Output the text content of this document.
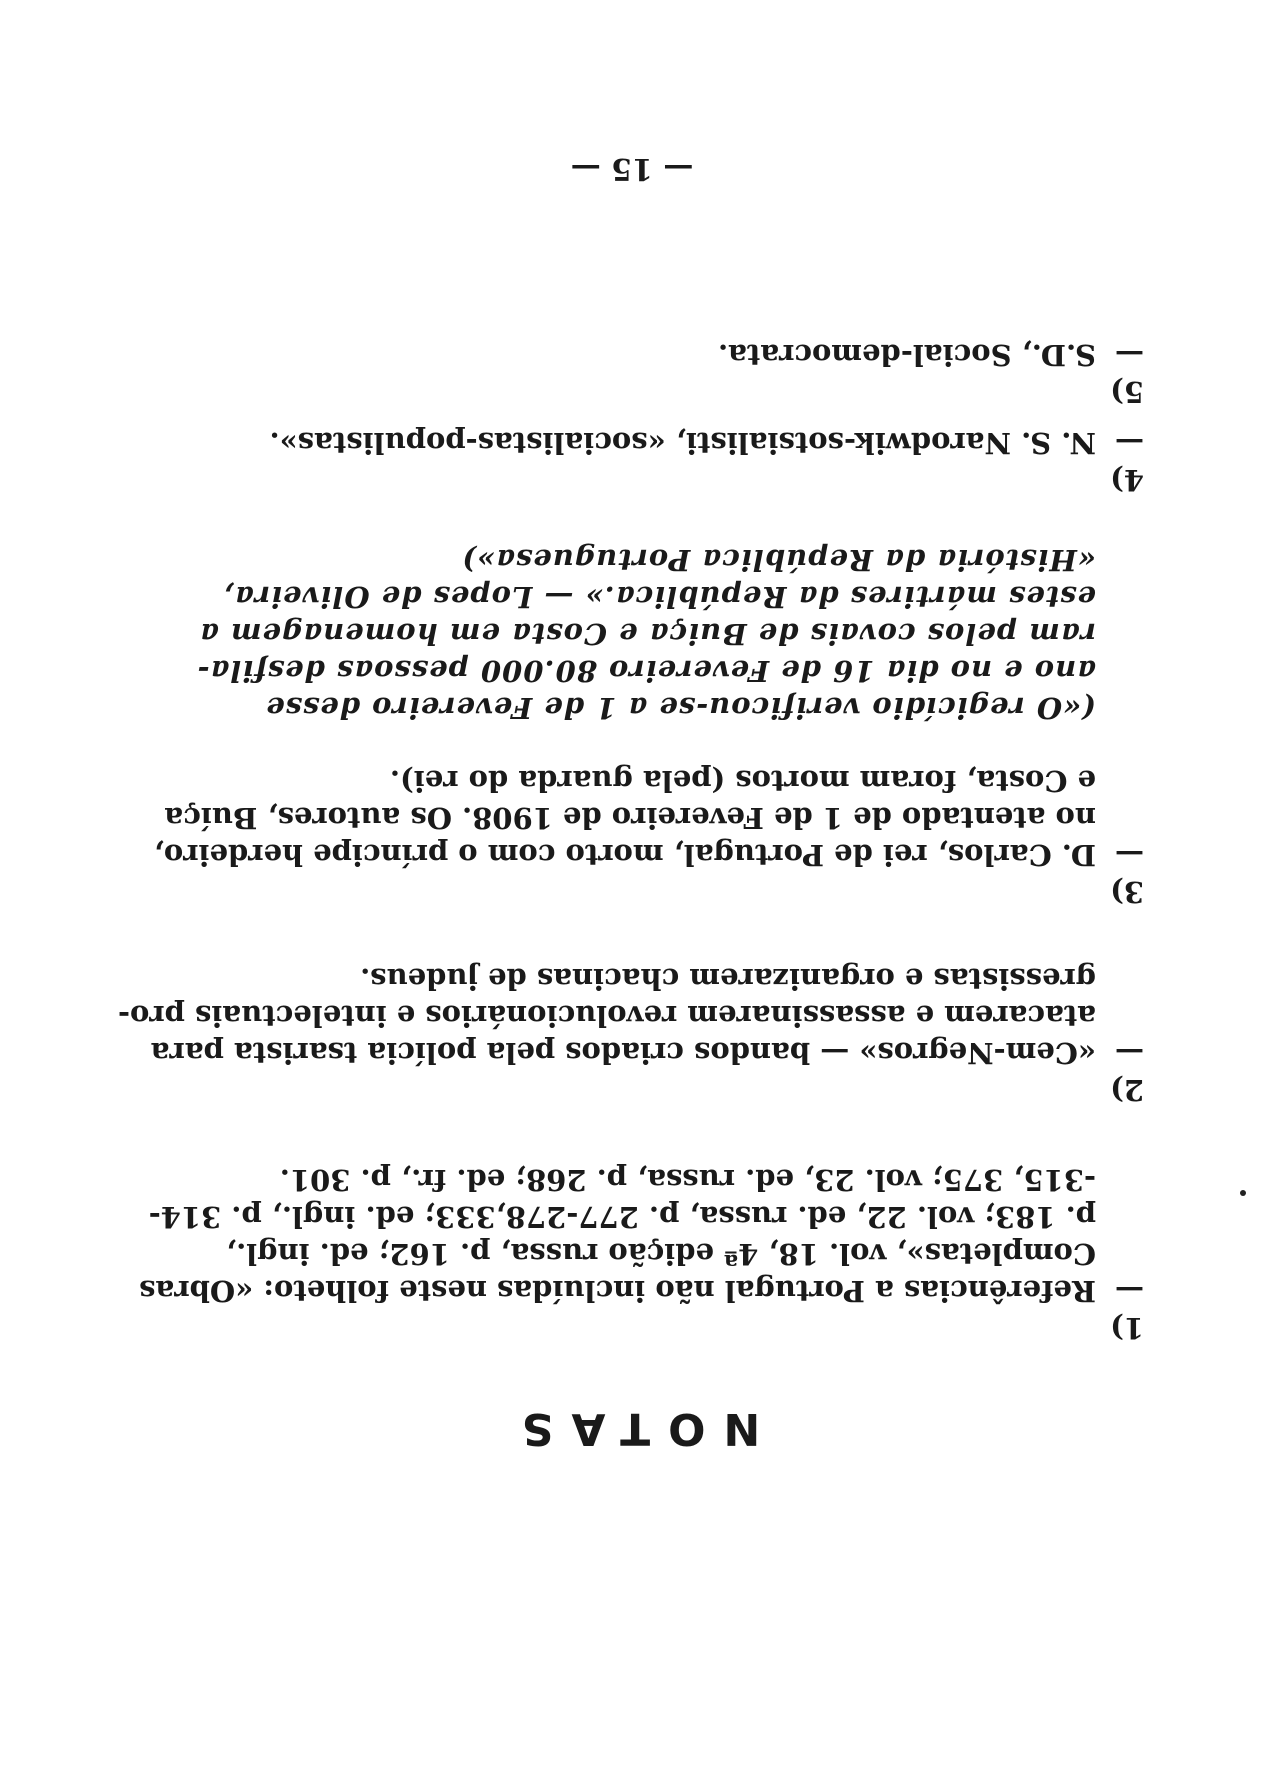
NOTAS
1) —Referências a Portugal não incluídas neste folheto: «Obras
Completas», vol. 18, 4ª edição russa, p. 162; ed. ingl.,
p. 183; vol. 22, ed. russa, p. 277-278,333; ed. ingl., p. 314-
-315, 375; vol. 23, ed. russa, p. 268; ed. fr., p. 301.
2) —«Cem-Negros» — bandos criados pela polícia tsarista para
atacarem e assassinarem revolucionários e intelectuais pro-
gressistas e organizarem chacinas de judeus.
3) —D. Carlos, rei de Portugal, morto com o príncipe herdeiro,
no atentado de 1 de Fevereiro de 1908. Os autores, Buíça
e Costa, foram mortos (pela guarda do rei).
(«O regicídio verificou-se a 1 de Fevereiro desse
ano e no dia 16 de Fevereiro 80.000 pessoas desfila-
ram pelos covais de Buiça e Costa em homenagem a
estes mártires da República.» — Lopes de Oliveira,
«História da República Portuguesa»)
4) —N. S. Narodwik-sotsialisti, «socialistas-populistas».
5) —S.D., Social-democrata.
— 15 —
